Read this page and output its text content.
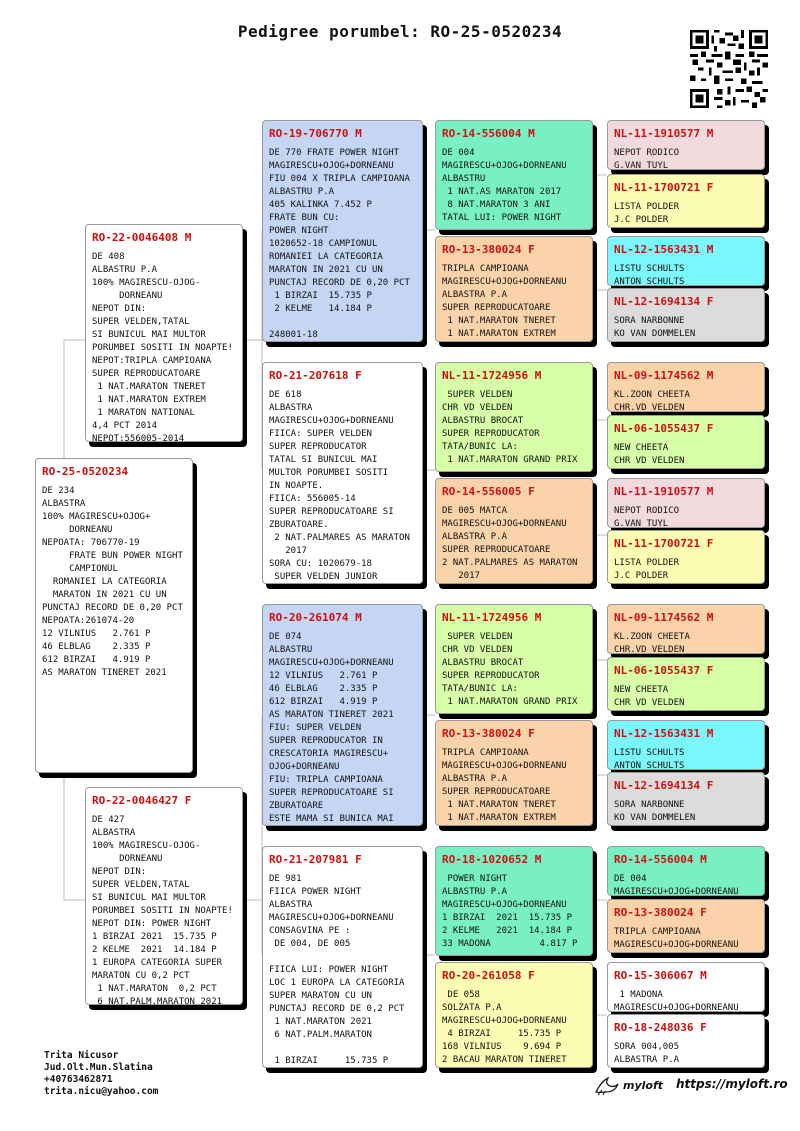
Pedigree porumbel: RO-25-0520234
RO-25-0520234
DE 234
ALBASTRA
100% MAGIRESCU+OJOG+
DORNEANU
NEPOATA: 706770-19
FRATE BUN POWER NIGHT
CAMPIONUL
ROMANIEI LA CATEGORIA
MARATON IN 2021 CU UN
PUNCTAJ RECORD DE 0,20 PCT
NEPOATA:261074-20
12 VILNIUS   2.761 P
46 ELBLAG    2.335 P
612 BIRZAI   4.919 P
AS MARATON TINERET 2021
RO-22-0046408 M
DE 408
ALBASTRU P.A
100% MAGIRESCU-OJOG-
DORNEANU
NEPOT DIN:
SUPER VELDEN,TATAL
SI BUNICUL MAI MULTOR
PORUMBEI SOSITI IN NOAPTE!
NEPOT:TRIPLA CAMPIOANA
SUPER REPRODUCATOARE
1 NAT.MARATON TNERET
1 NAT.MARATON EXTREM
1 MARATON NATIONAL
4,4 PCT 2014
NEPOT:556005-2014
RO-22-0046427 F
DE 427
ALBASTRA
100% MAGIRESCU-OJOG-
DORNEANU
NEPOT DIN:
SUPER VELDEN,TATAL
SI BUNICUL MAI MULTOR
PORUMBEI SOSITI IN NOAPTE!
NEPOT DIN: POWER NIGHT
1 BIRZAI 2021  15.735 P
2 KELME  2021  14.184 P
1 EUROPA CATEGORIA SUPER
MARATON CU 0,2 PCT
1 NAT.MARATON  0,2 PCT
6 NAT.PALM.MARATON 2021
RO-19-706770 M
DE 770 FRATE POWER NIGHT
MAGIRESCU+OJOG+DORNEANU
FIU 004 X TRIPLA CAMPIOANA
ALBASTRU P.A
405 KALINKA 7.452 P
FRATE BUN CU:
POWER NIGHT
1020652-18 CAMPIONUL
ROMANIEI LA CATEGORIA
MARATON IN 2021 CU UN
PUNCTAJ RECORD DE 0,20 PCT
1 BIRZAI  15.735 P
2 KELME   14.184 P

248001-18
RO-21-207618 F
DE 618
ALBASTRA
MAGIRESCU+OJOG+DORNEANU
FIICA: SUPER VELDEN
SUPER REPRODUCATOR
TATAL SI BUNICUL MAI
MULTOR PORUMBEI SOSITI
IN NOAPTE.
FIICA: 556005-14
SUPER REPRODUCATOARE SI
ZBURATOARE.
2 NAT.PALMARES AS MARATON
2017
SORA CU: 1020679-18
SUPER VELDEN JUNIOR
RO-20-261074 M
DE 074
ALBASTRU
MAGIRESCU+OJOG+DORNEANU
12 VILNIUS   2.761 P
46 ELBLAG    2.335 P
612 BIRZAI   4.919 P
AS MARATON TINERET 2021
FIU: SUPER VELDEN
SUPER REPRODUCATOR IN
CRESCATORIA MAGIRESCU+
OJOG+DORNEANU
FIU: TRIPLA CAMPIOANA
SUPER REPRODUCATOARE SI
ZBURATOARE
ESTE MAMA SI BUNICA MAI
RO-21-207981 F
DE 981
FIICA POWER NIGHT
ALBASTRA
MAGIRESCU+OJOG+DORNEANU
CONSAGVINA PE :
DE 004, DE 005

FIICA LUI: POWER NIGHT
LOC 1 EUROPA LA CATEGORIA
SUPER MARATON CU UN
PUNCTAJ RECORD DE 0,2 PCT
1 NAT.MARATON 2021
6 NAT.PALM.MARATON

1 BIRZAI     15.735 P
RO-14-556004 M
DE 004
MAGIRESCU+OJOG+DORNEANU
ALBASTRU
1 NAT.AS MARATON 2017
8 NAT.MARATON 3 ANI
TATAL LUI: POWER NIGHT
RO-13-380024 F
TRIPLA CAMPIOANA
MAGIRESCU+OJOG+DORNEANU
ALBASTRA P.A
SUPER REPRODUCATOARE
1 NAT.MARATON TNERET
1 NAT.MARATON EXTREM
NL-11-1724956 M
SUPER VELDEN
CHR VD VELDEN
ALBASTRU BROCAT
SUPER REPRODUCATOR
TATA/BUNIC LA:
1 NAT.MARATON GRAND PRIX
RO-14-556005 F
DE 005 MATCA
MAGIRESCU+OJOG+DORNEANU
ALBASTRA P.A
SUPER REPRODUCATOARE
2 NAT.PALMARES AS MARATON
2017
NL-11-1724956 M
SUPER VELDEN
CHR VD VELDEN
ALBASTRU BROCAT
SUPER REPRODUCATOR
TATA/BUNIC LA:
1 NAT.MARATON GRAND PRIX
RO-13-380024 F
TRIPLA CAMPIOANA
MAGIRESCU+OJOG+DORNEANU
ALBASTRA P.A
SUPER REPRODUCATOARE
1 NAT.MARATON TNERET
1 NAT.MARATON EXTREM
RO-18-1020652 M
POWER NIGHT
ALBASTRU P.A
MAGIRESCU+OJOG+DORNEANU
1 BIRZAI  2021  15.735 P
2 KELME   2021  14.184 P
33 MADONA         4.817 P
RO-20-261058 F
DE 058
SOLZATA P.A
MAGIRESCU+OJOG+DORNEANU
4 BIRZAI     15.735 P
168 VILNIUS    9.694 P
2 BACAU MARATON TINERET
NL-11-1910577 M
NEPOT RODICO
G.VAN TUYL

NL-11-1700721 F
LISTA POLDER
J.C POLDER

NL-12-1563431 M
LISTU SCHULTS
ANTON SCHULTS

NL-12-1694134 F
SORA NARBONNE
KO VAN DOMMELEN

NL-09-1174562 M
KL.ZOON CHEETA
CHR.VD VELDEN

NL-06-1055437 F
NEW CHEETA
CHR VD VELDEN

NL-11-1910577 M
NEPOT RODICO
G.VAN TUYL

NL-11-1700721 F
LISTA POLDER
J.C POLDER

NL-09-1174562 M
KL.ZOON CHEETA
CHR.VD VELDEN

NL-06-1055437 F
NEW CHEETA
CHR VD VELDEN

NL-12-1563431 M
LISTU SCHULTS
ANTON SCHULTS

NL-12-1694134 F
SORA NARBONNE
KO VAN DOMMELEN

RO-14-556004 M
DE 004
MAGIRESCU+OJOG+DORNEANU

RO-13-380024 F
TRIPLA CAMPIOANA
MAGIRESCU+OJOG+DORNEANU

RO-15-306067 M
1 MADONA
MAGIRESCU+OJOG+DORNEANU

RO-18-248036 F
SORA 004,005
ALBASTRA P.A

Trita Nicusor
Jud.Olt.Mun.Slatina
+40763462871
trita.nicu@yahoo.com	myloft https://myloft.ro
